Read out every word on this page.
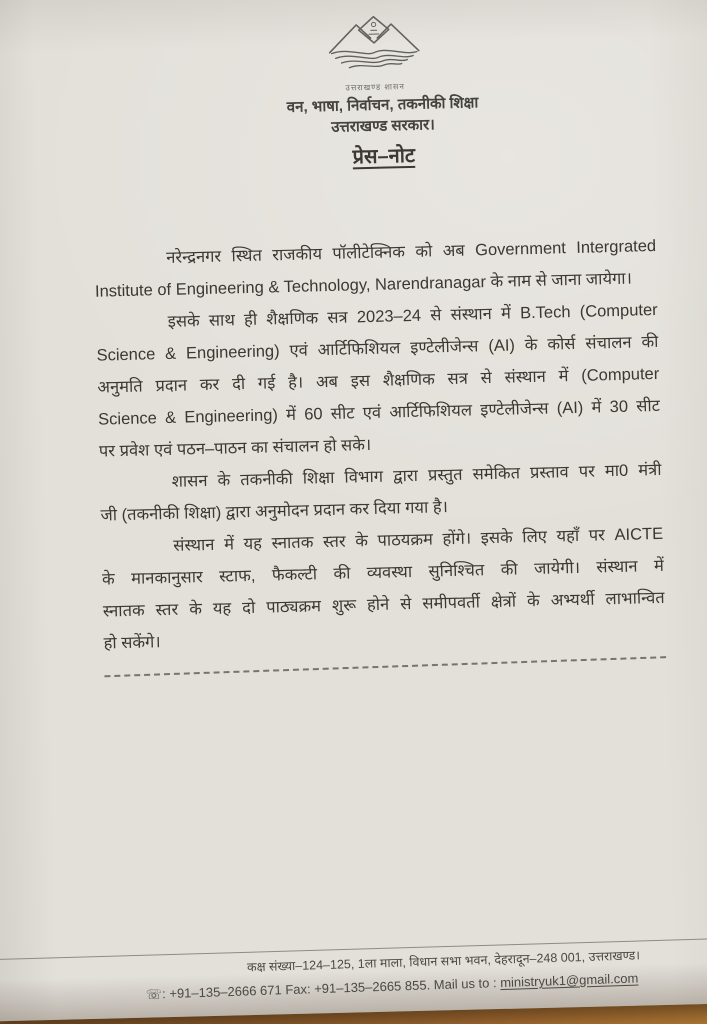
उत्तराखण्ड शासन
वन, भाषा, निर्वाचन, तकनीकी शिक्षा
उत्तराखण्ड सरकार।
प्रेस–नोट
नरेन्द्रनगर स्थित राजकीय पॉलीटेक्निक को अब Government Intergrated
Institute of Engineering & Technology, Narendranagar के नाम से जाना जायेगा।
इसके साथ ही शैक्षणिक सत्र 2023–24 से संस्थान में B.Tech (Computer
Science & Engineering) एवं आर्टिफिशियल इण्टेलीजेन्स (AI) के कोर्स संचालन की
अनुमति प्रदान कर दी गई है। अब इस शैक्षणिक सत्र से संस्थान में (Computer
Science & Engineering) में 60 सीट एवं आर्टिफिशियल इण्टेलीजेन्स (AI) में 30 सीट
पर प्रवेश एवं पठन–पाठन का संचालन हो सके।
शासन के तकनीकी शिक्षा विभाग द्वारा प्रस्तुत समेकित प्रस्ताव पर मा0 मंत्री
जी (तकनीकी शिक्षा) द्वारा अनुमोदन प्रदान कर दिया गया है।
संस्थान में यह स्नातक स्तर के पाठयक्रम होंगे। इसके लिए यहाँ पर AICTE
के मानकानुसार स्टाफ, फैकल्टी की व्यवस्था सुनिश्चित की जायेगी। संस्थान में
स्नातक स्तर के यह दो पाठ्यक्रम शुरू होने से समीपवर्ती क्षेत्रों के अभ्यर्थी लाभान्वित
हो सकेंगे।
कक्ष संख्या–124–125, 1ला माला, विधान सभा भवन, देहरादून–248 001, उत्तराखण्ड।
☏: +91–135–2666 671 Fax: +91–135–2665 855. Mail us to : ministryuk1@gmail.com
